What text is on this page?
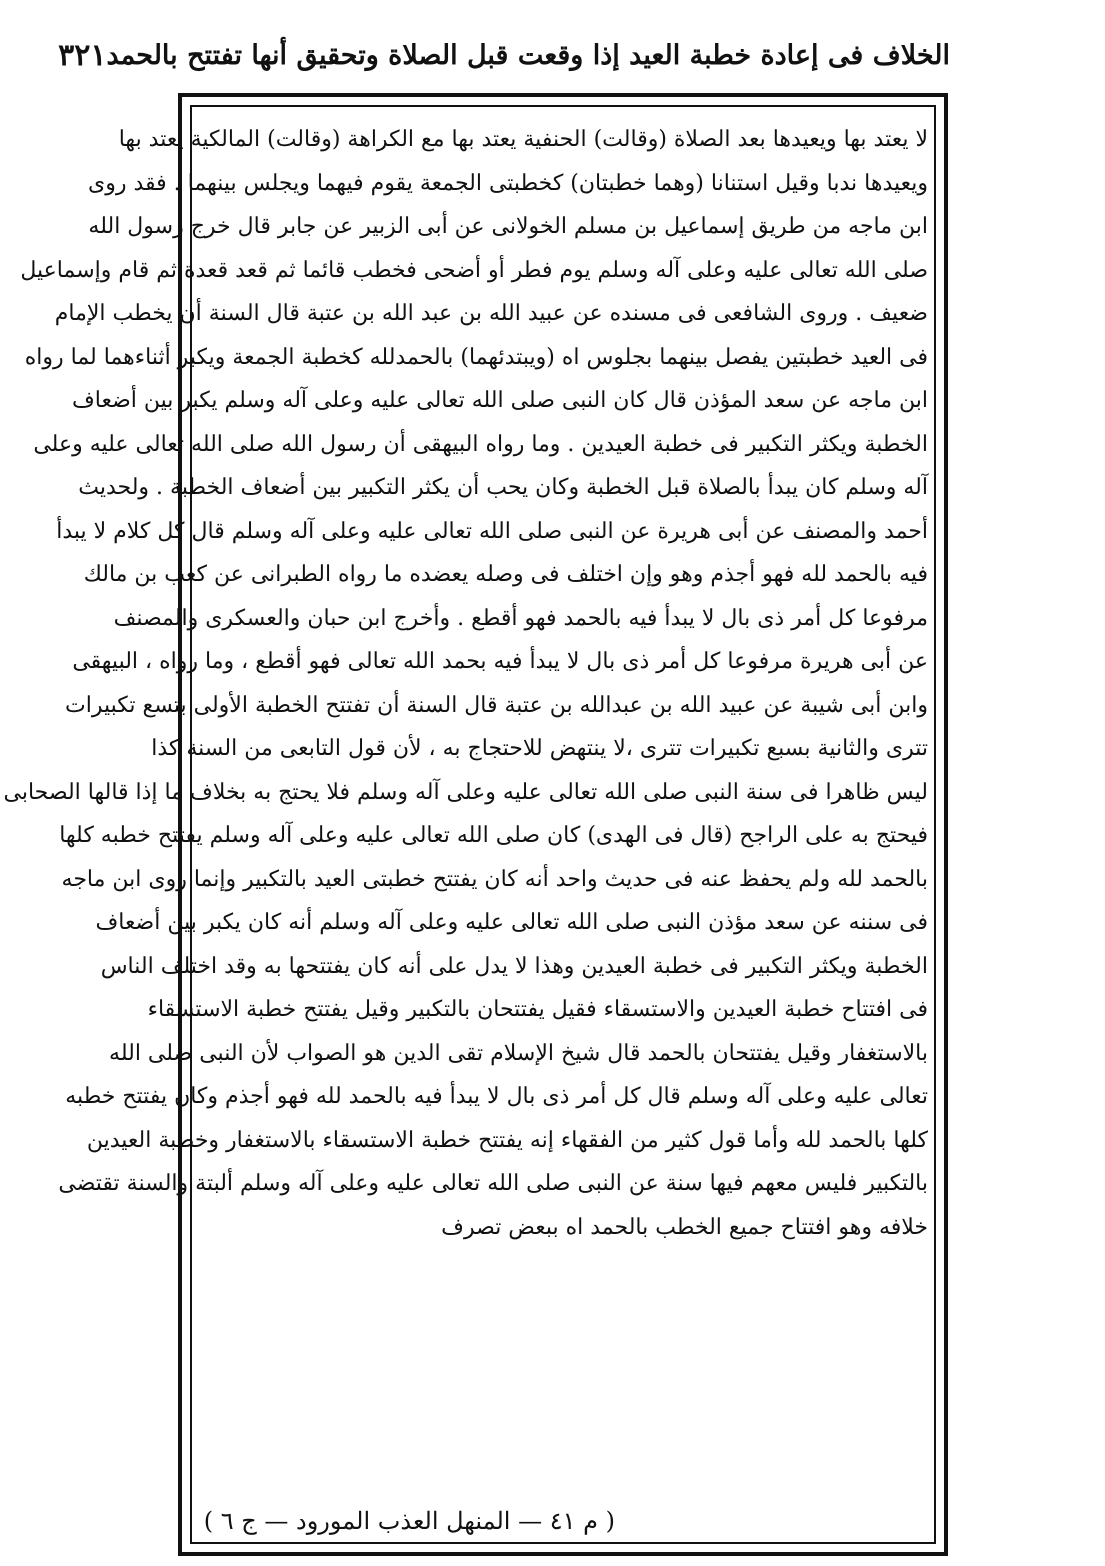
الخلاف فى إعادة خطبة العيد إذا وقعت قبل الصلاة وتحقيق أنها تفتتح بالحمد
٣٢١
لا يعتد بها ويعيدها بعد الصلاة (وقالت) الحنفية يعتد بها مع الكراهة (وقالت) المالكية يعتد بها
ويعيدها ندبا وقيل استنانا (وهما خطبتان) كخطبتى الجمعة يقوم فيهما ويجلس بينهما . فقد روى
ابن ماجه من طريق إسماعيل بن مسلم الخولانى عن أبى الزبير عن جابر قال خرج رسول الله
صلى الله تعالى عليه وعلى آله وسلم يوم فطر أو أضحى فخطب قائما ثم قعد قعدة ثم قام وإسماعيل
ضعيف . وروى الشافعى فى مسنده عن عبيد الله بن عبد الله بن عتبة قال السنة أن يخطب الإمام
فى العيد خطبتين يفصل بينهما بجلوس اه (ويبتدئهما) بالحمدلله كخطبة الجمعة ويكبر أثناءهما لما رواه
ابن ماجه عن سعد المؤذن قال كان النبى صلى الله تعالى عليه وعلى آله وسلم يكبر بين أضعاف
الخطبة ويكثر التكبير فى خطبة العيدين . وما رواه البيهقى أن رسول الله صلى الله تعالى عليه وعلى
آله وسلم كان يبدأ بالصلاة قبل الخطبة وكان يحب أن يكثر التكبير بين أضعاف الخطبة . ولحديث
أحمد والمصنف عن أبى هريرة عن النبى صلى الله تعالى عليه وعلى آله وسلم قال كل كلام لا يبدأ
فيه بالحمد لله فهو أجذم وهو وإن اختلف فى وصله يعضده ما رواه الطبرانى عن كعب بن مالك
مرفوعا كل أمر ذى بال لا يبدأ فيه بالحمد فهو أقطع . وأخرج ابن حبان والعسكرى والمصنف
عن أبى هريرة مرفوعا كل أمر ذى بال لا يبدأ فيه بحمد الله تعالى فهو أقطع ، وما رواه ، البيهقى
وابن أبى شيبة عن عبيد الله بن عبدالله بن عتبة قال السنة أن تفتتح الخطبة الأولى بتسع تكبيرات
تترى والثانية بسبع تكبيرات تترى ،لا ينتهض للاحتجاج به ، لأن قول التابعى من السنة كذا
ليس ظاهرا فى سنة النبى صلى الله تعالى عليه وعلى آله وسلم فلا يحتج به بخلاف ما إذا قالها الصحابى
فيحتج به على الراجح (قال فى الهدى) كان صلى الله تعالى عليه وعلى آله وسلم يفتتح خطبه كلها
بالحمد لله ولم يحفظ عنه فى حديث واحد أنه كان يفتتح خطبتى العيد بالتكبير وإنما روى ابن ماجه
فى سننه عن سعد مؤذن النبى صلى الله تعالى عليه وعلى آله وسلم أنه كان يكبر بين أضعاف
الخطبة ويكثر التكبير فى خطبة العيدين وهذا لا يدل على أنه كان يفتتحها به وقد اختلف الناس
فى افتتاح خطبة العيدين والاستسقاء فقيل يفتتحان بالتكبير وقيل يفتتح خطبة الاستسقاء
بالاستغفار وقيل يفتتحان بالحمد قال شيخ الإسلام تقى الدين هو الصواب لأن النبى صلى الله
تعالى عليه وعلى آله وسلم قال كل أمر ذى بال لا يبدأ فيه بالحمد لله فهو أجذم وكان يفتتح خطبه
كلها بالحمد لله وأما قول كثير من الفقهاء إنه يفتتح خطبة الاستسقاء بالاستغفار وخطبة العيدين
بالتكبير فليس معهم فيها سنة عن النبى صلى الله تعالى عليه وعلى آله وسلم ألبتة والسنة تقتضى
خلافه وهو افتتاح جميع الخطب بالحمد اه ببعض تصرف
( م ٤١ — المنهل العذب المورود — ج ٦ )
